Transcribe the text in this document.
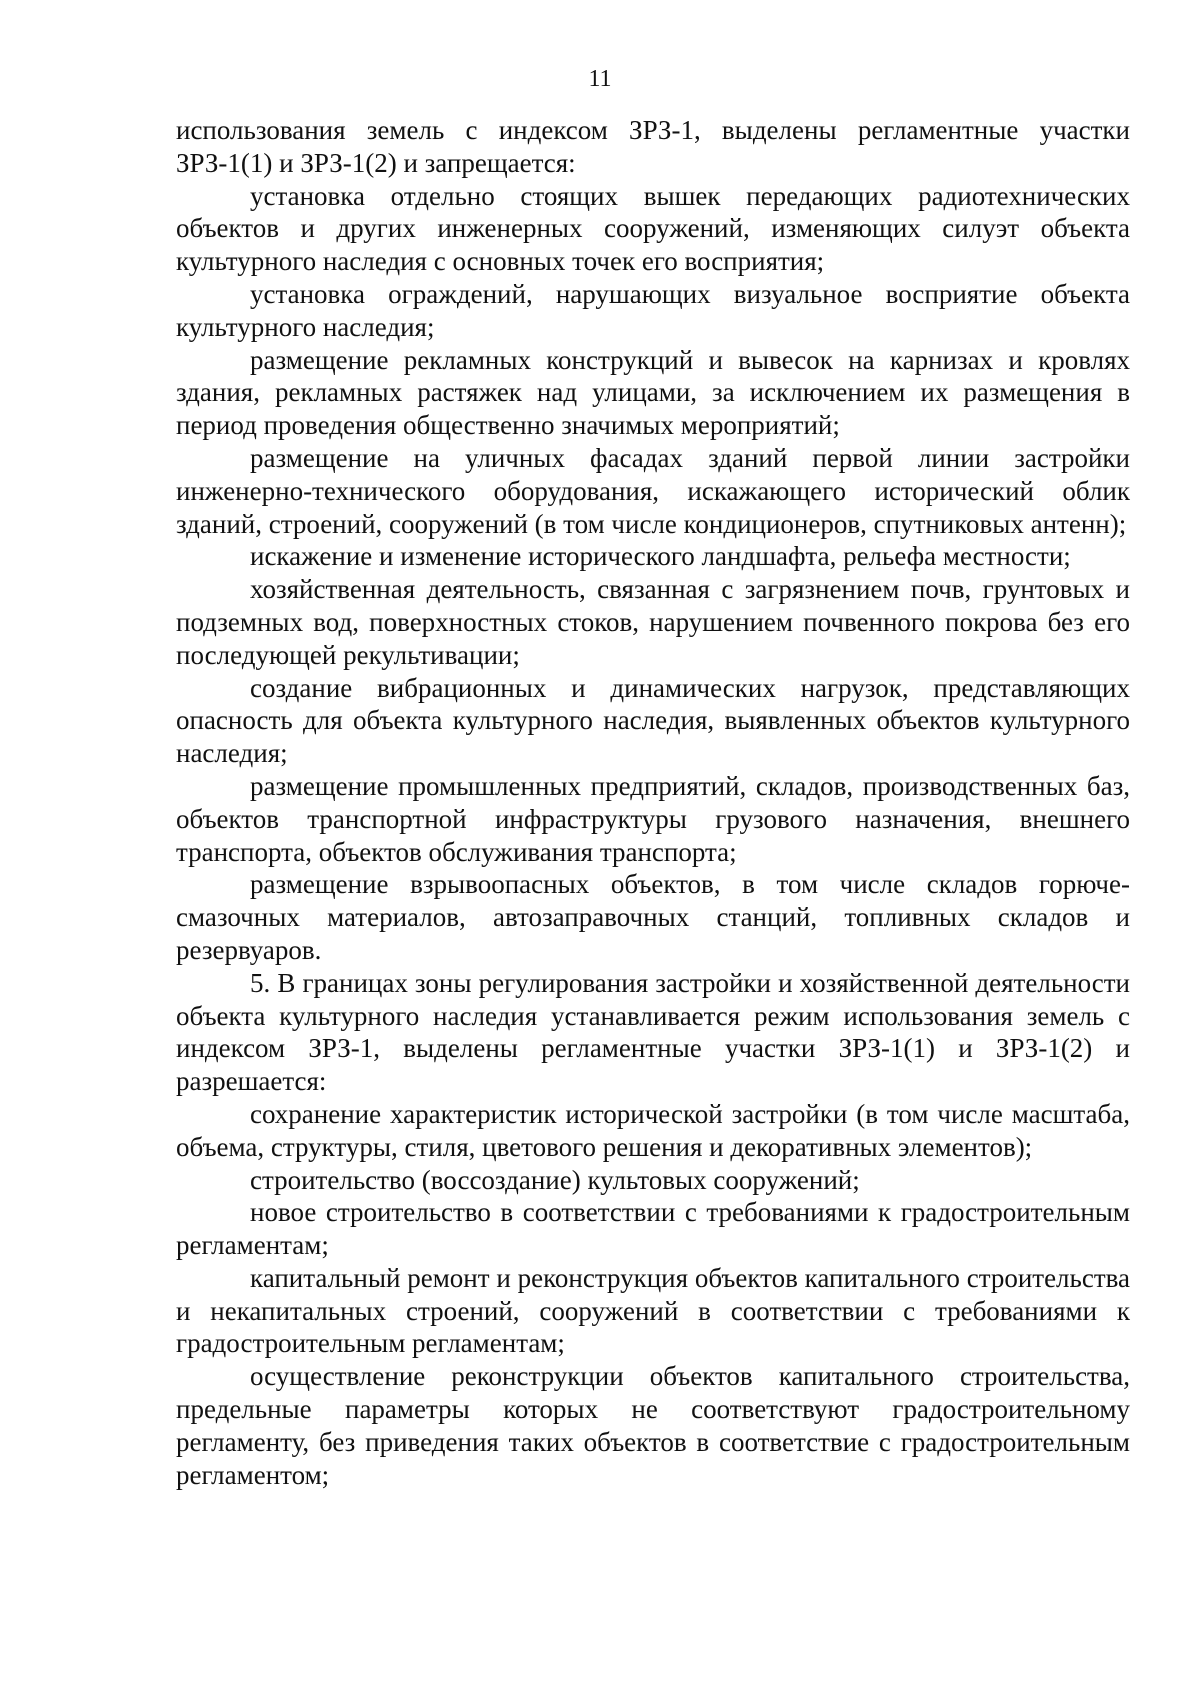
11

использования земель с индексом ЗРЗ-1, выделены регламентные участки ЗРЗ-1(1) и ЗРЗ-1(2) и запрещается:

установка отдельно стоящих вышек передающих радиотехнических объектов и других инженерных сооружений, изменяющих силуэт объекта культурного наследия с основных точек его восприятия;

установка ограждений, нарушающих визуальное восприятие объекта культурного наследия;

размещение рекламных конструкций и вывесок на карнизах и кровлях здания, рекламных растяжек над улицами, за исключением их размещения в период проведения общественно значимых мероприятий;

размещение на уличных фасадах зданий первой линии застройки инженерно-технического оборудования, искажающего исторический облик зданий, строений, сооружений (в том числе кондиционеров, спутниковых антенн);

искажение и изменение исторического ландшафта, рельефа местности;

хозяйственная деятельность, связанная с загрязнением почв, грунтовых и подземных вод, поверхностных стоков, нарушением почвенного покрова без его последующей рекультивации;

создание вибрационных и динамических нагрузок, представляющих опасность для объекта культурного наследия, выявленных объектов культурного наследия;

размещение промышленных предприятий, складов, производственных баз, объектов транспортной инфраструктуры грузового назначения, внешнего транспорта, объектов обслуживания транспорта;

размещение взрывоопасных объектов, в том числе складов горюче-смазочных материалов, автозаправочных станций, топливных складов и резервуаров.

5. В границах зоны регулирования застройки и хозяйственной деятельности объекта культурного наследия устанавливается режим использования земель с индексом ЗРЗ-1, выделены регламентные участки ЗРЗ-1(1) и ЗРЗ-1(2) и разрешается:

сохранение характеристик исторической застройки (в том числе масштаба, объема, структуры, стиля, цветового решения и декоративных элементов);

строительство (воссоздание) культовых сооружений;

новое строительство в соответствии с требованиями к градостроительным регламентам;

капитальный ремонт и реконструкция объектов капитального строительства и некапитальных строений, сооружений в соответствии с требованиями к градостроительным регламентам;

осуществление реконструкции объектов капитального строительства, предельные параметры которых не соответствуют градостроительному регламенту, без приведения таких объектов в соответствие с градостроительным регламентом;
